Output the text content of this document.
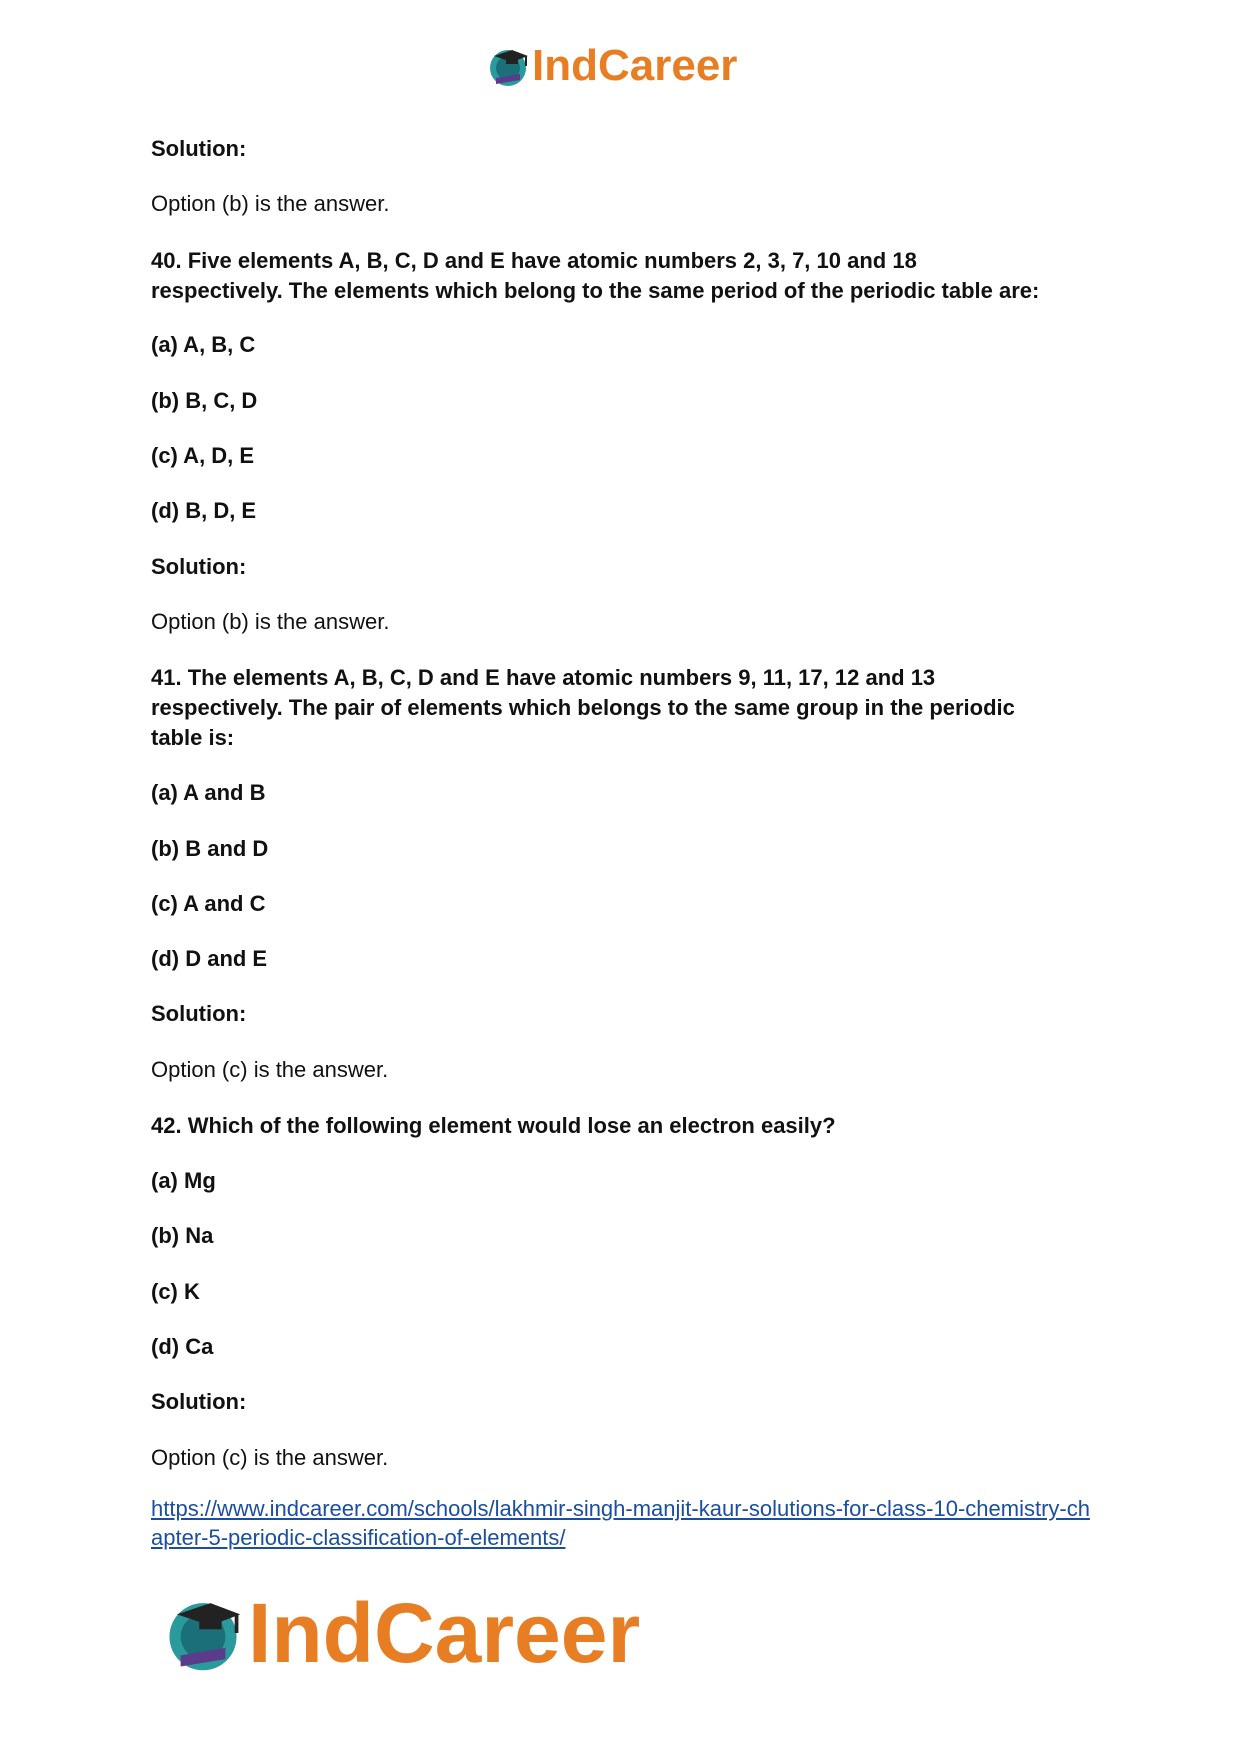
IndCareer
Solution:
Option (b) is the answer.
40. Five elements A, B, C, D and E have atomic numbers 2, 3, 7, 10 and 18
respectively. The elements which belong to the same period of the periodic table are:
(a) A, B, C
(b) B, C, D
(c) A, D, E
(d) B, D, E
Solution:
Option (b) is the answer.
41. The elements A, B, C, D and E have atomic numbers 9, 11, 17, 12 and 13
respectively. The pair of elements which belongs to the same group in the periodic
table is:
(a) A and B
(b) B and D
(c) A and C
(d) D and E
Solution:
Option (c) is the answer.
42. Which of the following element would lose an electron easily?
(a) Mg
(b) Na
(c) K
(d) Ca
Solution:
Option (c) is the answer.
https://www.indcareer.com/schools/lakhmir-singh-manjit-kaur-solutions-for-class-10-chemistry-chapter-5-periodic-classification-of-elements/
IndCareer
